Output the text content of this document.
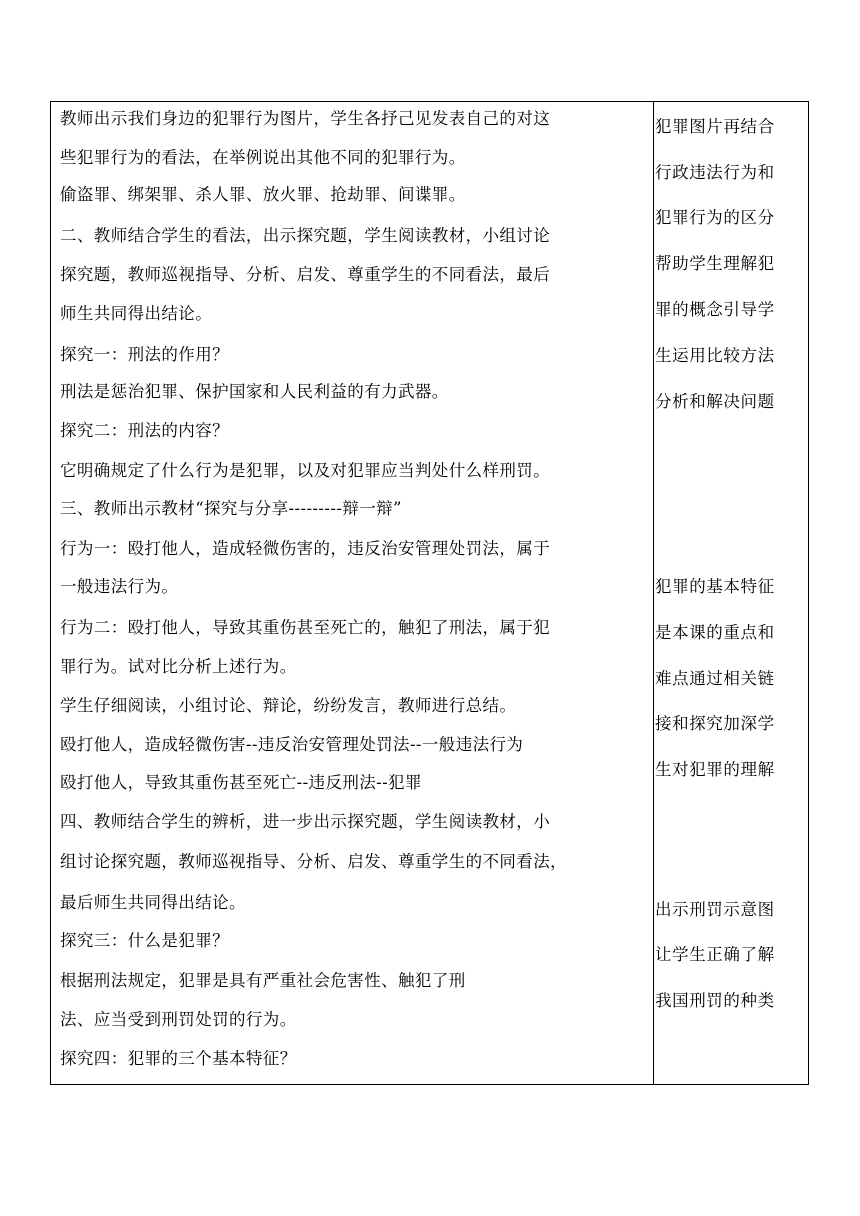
教师出示我们身边的犯罪行为图片，学生各抒己见发表自己的对这
些犯罪行为的看法，在举例说出其他不同的犯罪行为。
偷盗罪、绑架罪、杀人罪、放火罪、抢劫罪、间谍罪。
二、教师结合学生的看法，出示探究题，学生阅读教材，小组讨论
探究题，教师巡视指导、分析、启发、尊重学生的不同看法，最后
师生共同得出结论。
探究一：刑法的作用？
刑法是惩治犯罪、保护国家和人民利益的有力武器。
探究二：刑法的内容？
它明确规定了什么行为是犯罪，以及对犯罪应当判处什么样刑罚。
三、教师出示教材“探究与分享---------辩一辩”
行为一：殴打他人，造成轻微伤害的，违反治安管理处罚法，属于
一般违法行为。
行为二：殴打他人，导致其重伤甚至死亡的，触犯了刑法，属于犯
罪行为。试对比分析上述行为。
学生仔细阅读，小组讨论、辩论，纷纷发言，教师进行总结。
殴打他人，造成轻微伤害--违反治安管理处罚法--一般违法行为
殴打他人，导致其重伤甚至死亡--违反刑法--犯罪
四、教师结合学生的辨析，进一步出示探究题，学生阅读教材，小
组讨论探究题，教师巡视指导、分析、启发、尊重学生的不同看法，
最后师生共同得出结论。
探究三：什么是犯罪？
根据刑法规定，犯罪是具有严重社会危害性、触犯了刑
法、应当受到刑罚处罚的行为。
探究四：犯罪的三个基本特征？
犯罪图片再结合
行政违法行为和
犯罪行为的区分
帮助学生理解犯
罪的概念引导学
生运用比较方法
分析和解决问题
犯罪的基本特征
是本课的重点和
难点通过相关链
接和探究加深学
生对犯罪的理解
出示刑罚示意图
让学生正确了解
我国刑罚的种类
